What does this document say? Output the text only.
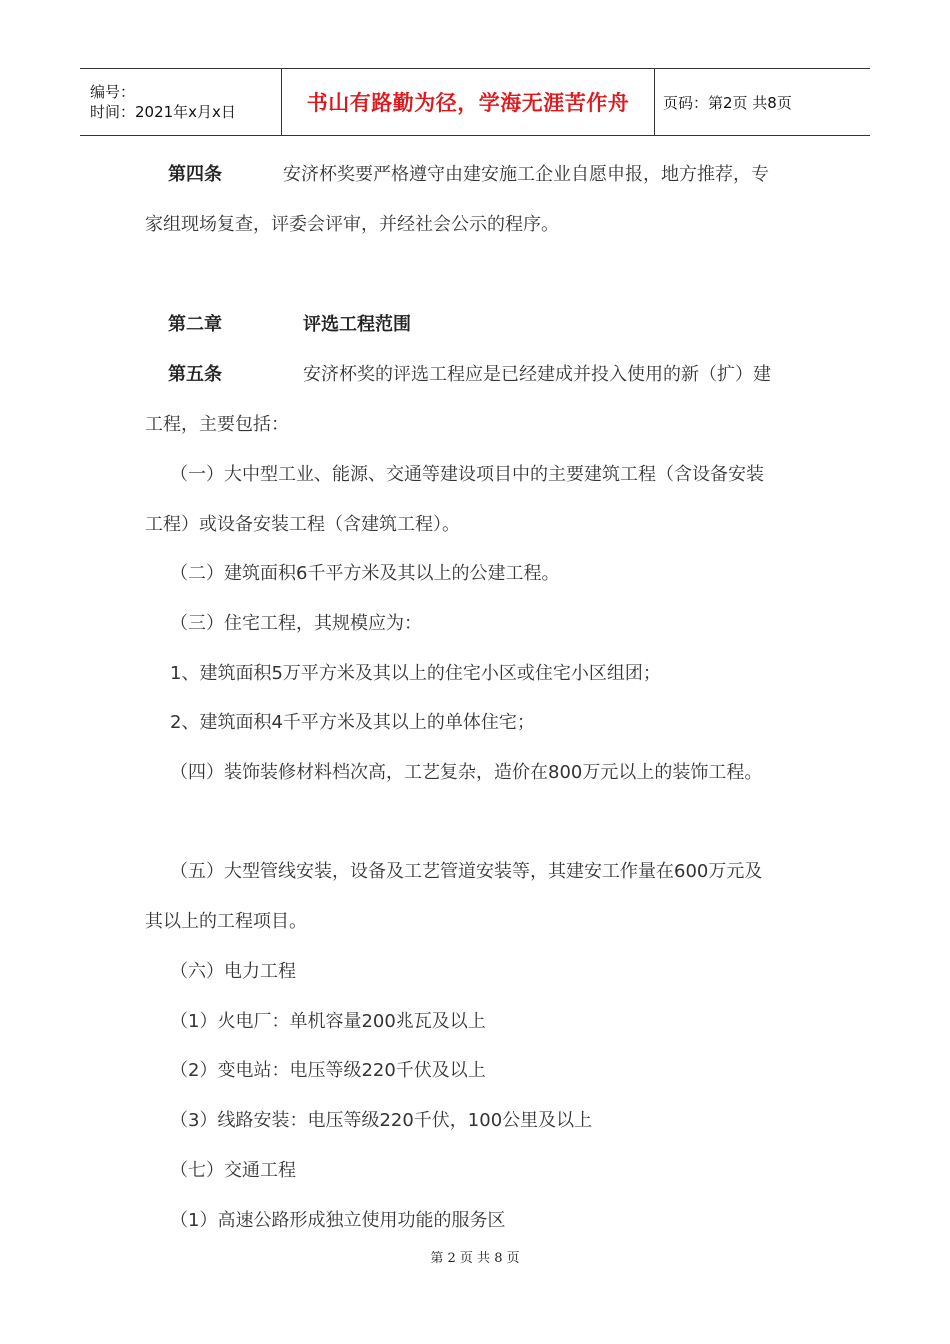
编号：
时间：2021年x月x日	书山有路勤为径，学海无涯苦作舟	页码：第2页 共8页
第四条	安济杯奖要严格遵守由建安施工企业自愿申报，地方推荐，专
家组现场复查，评委会评审，并经社会公示的程序。
第二章	评选工程范围
第五条	安济杯奖的评选工程应是已经建成并投入使用的新（扩）建
工程，主要包括：
（一）大中型工业、能源、交通等建设项目中的主要建筑工程（含设备安装
工程）或设备安装工程（含建筑工程）。
（二）建筑面积6千平方米及其以上的公建工程。
（三）住宅工程，其规模应为：
1、建筑面积5万平方米及其以上的住宅小区或住宅小区组团；
2、建筑面积4千平方米及其以上的单体住宅；
（四）装饰装修材料档次高，工艺复杂，造价在800万元以上的装饰工程。
（五）大型管线安装，设备及工艺管道安装等，其建安工作量在600万元及
其以上的工程项目。
（六）电力工程
（1）火电厂：单机容量200兆瓦及以上
（2）变电站：电压等级220千伏及以上
（3）线路安装：电压等级220千伏，100公里及以上
（七）交通工程
（1）高速公路形成独立使用功能的服务区
第 2 页 共 8 页
